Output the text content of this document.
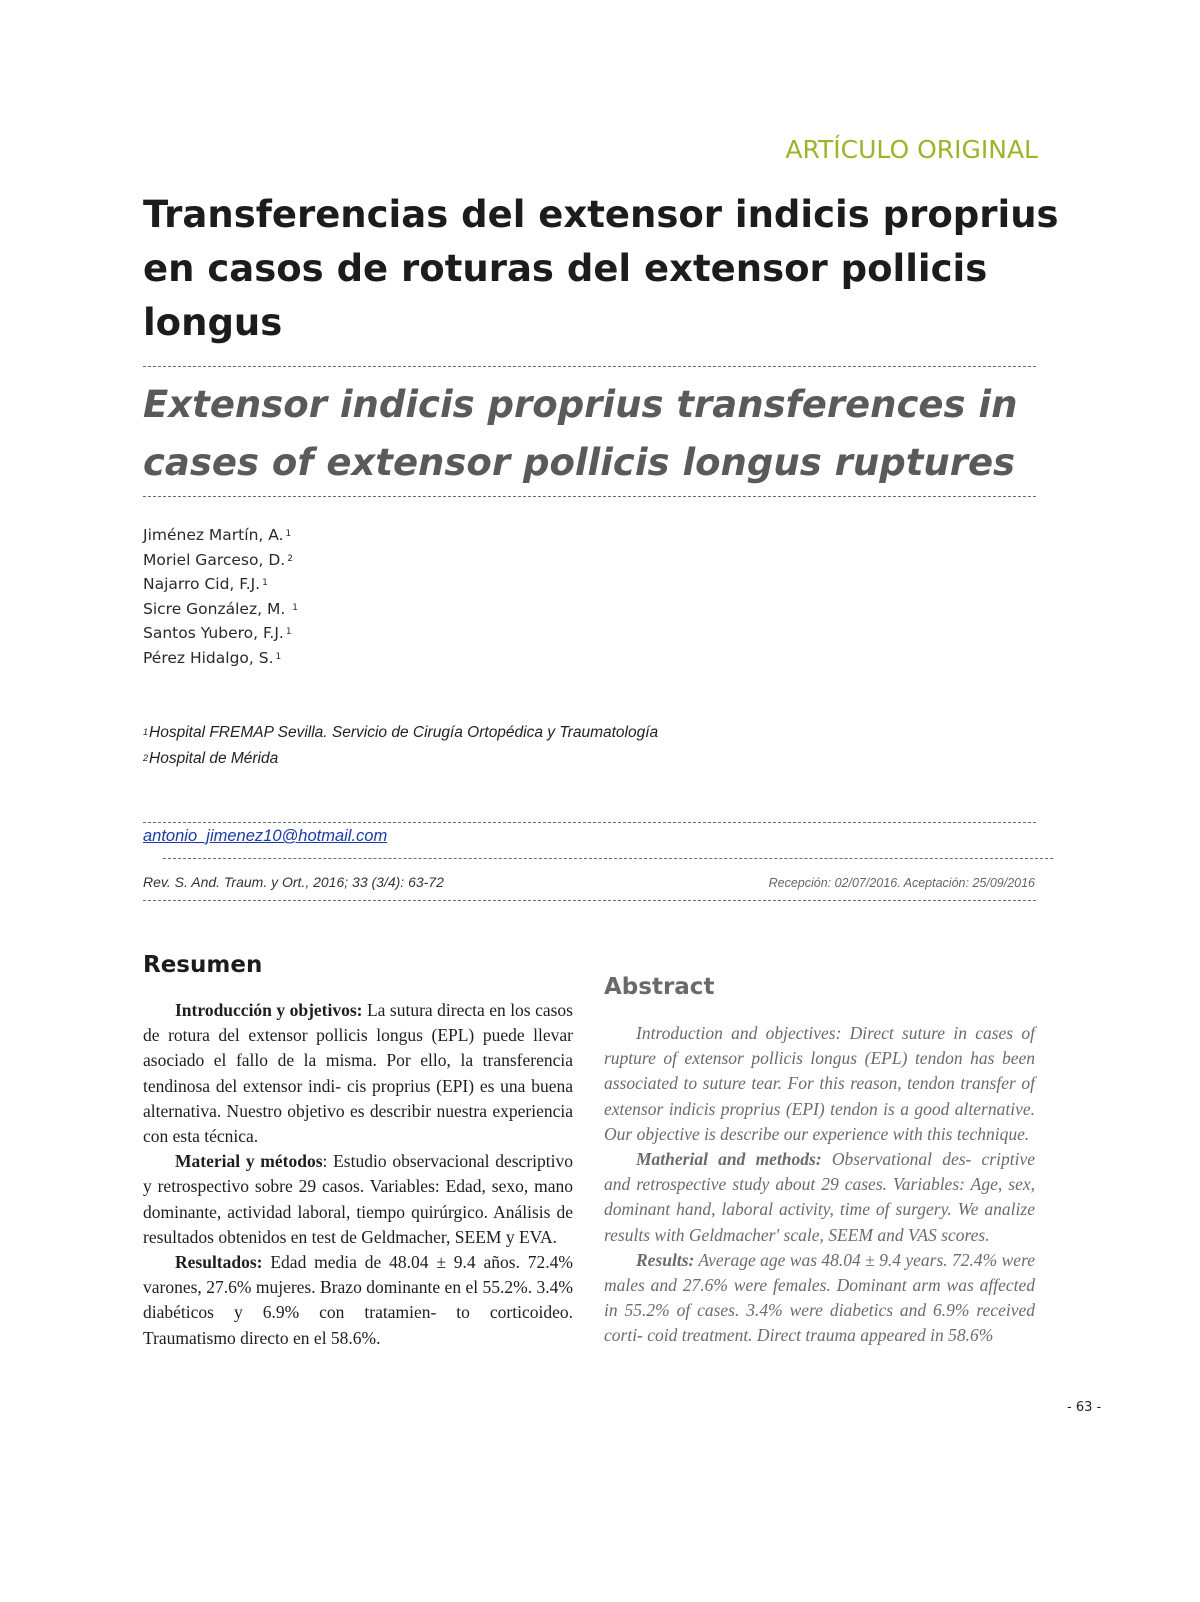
ARTÍCULO ORIGINAL
Transferencias del extensor indicis proprius en casos de roturas del extensor pollicis longus
Extensor indicis proprius transferences in cases of extensor pollicis longus ruptures
Jiménez Martín, A. $^1$
Moriel Garceso, D. $^2$
Najarro Cid, F.J. $^1$
Sicre González, M. $^1$
Santos Yubero, F.J. $^1$
Pérez Hidalgo, S. $^1$
$^1$Hospital FREMAP Sevilla. Servicio de Cirugía Ortopédica y Traumatología
$^2$Hospital de Mérida
antonio_jimenez10@hotmail.com
Rev. S. And. Traum. y Ort., 2016; 33 (3/4): 63-72	Recepción: 02/07/2016. Aceptación: 25/09/2016
Resumen
Abstract

Introducción y objetivos: La sutura directa en los casos de rotura del extensor pollicis longus (EPL) puede llevar asociado el fallo de la misma. Por ello, la transferencia tendinosa del extensor indi- cis proprius (EPI) es una buena alternativa. Nuestro objetivo es describir nuestra experiencia con esta técnica.

Material y métodos: Estudio observacional descriptivo y retrospectivo sobre 29 casos. Variables: Edad, sexo, mano dominante, actividad laboral, tiempo quirúrgico. Análisis de resultados obtenidos en test de Geldmacher, SEEM y EVA.

Resultados: Edad media de 48.04 ± 9.4 años. 72.4% varones, 27.6% mujeres. Brazo dominante en el 55.2%. 3.4% diabéticos y 6.9% con tratamien- to corticoideo. Traumatismo directo en el 58.6%.

Introduction and objectives: Direct suture in cases of rupture of extensor pollicis longus (EPL) tendon has been associated to suture tear. For this reason, tendon transfer of extensor indicis proprius (EPI) tendon is a good alternative. Our objective is describe our experience with this technique.

Matherial and methods: Observational des- criptive and retrospective study about 29 cases. Variables: Age, sex, dominant hand, laboral activity, time of surgery. We analize results with Geldmacher' scale, SEEM and VAS scores.

Results: Average age was 48.04 ± 9.4 years. 72.4% were males and 27.6% were females. Dominant arm was affected in 55.2% of cases. 3.4% were diabetics and 6.9% received corti- coid treatment. Direct trauma appeared in 58.6%

- 63 -
